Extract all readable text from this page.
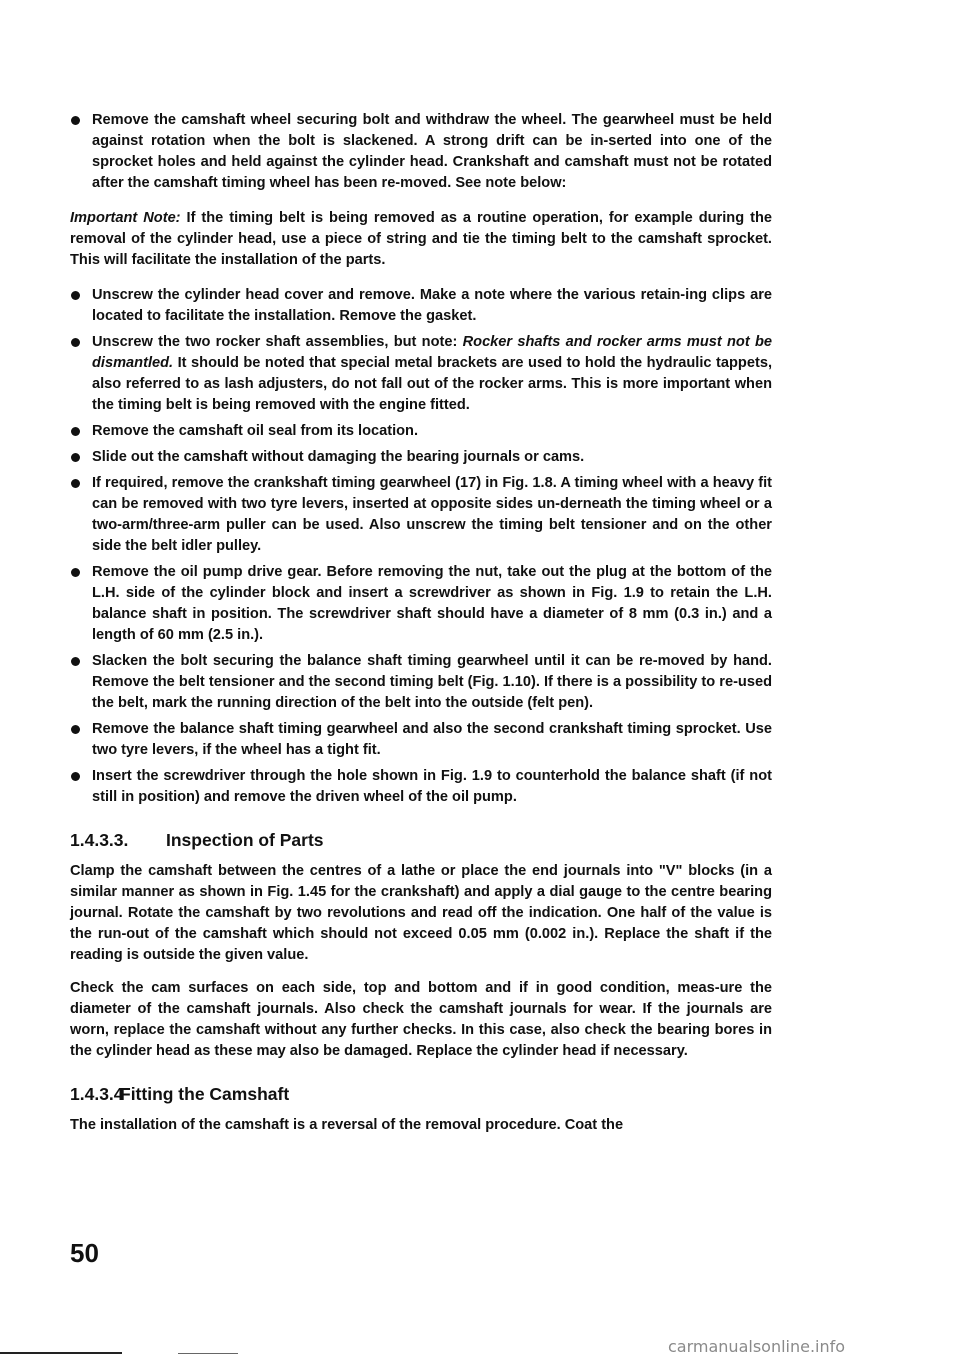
Remove the camshaft wheel securing bolt and withdraw the wheel. The gearwheel must be held against rotation when the bolt is slackened. A strong drift can be in-serted into one of the sprocket holes and held against the cylinder head. Crankshaft and camshaft must not be rotated after the camshaft timing wheel has been re-moved. See note below:

Important Note: If the timing belt is being removed as a routine operation, for example during the removal of the cylinder head, use a piece of string and tie the timing belt to the camshaft sprocket. This will facilitate the installation of the parts.

Unscrew the cylinder head cover and remove. Make a note where the various retain-ing clips are located to facilitate the installation. Remove the gasket.
Unscrew the two rocker shaft assemblies, but note: Rocker shafts and rocker arms must not be dismantled. It should be noted that special metal brackets are used to hold the hydraulic tappets, also referred to as lash adjusters, do not fall out of the rocker arms. This is more important when the timing belt is being removed with the engine fitted.
Remove the camshaft oil seal from its location.
Slide out the camshaft without damaging the bearing journals or cams.
If required, remove the crankshaft timing gearwheel (17) in Fig. 1.8. A timing wheel with a heavy fit can be removed with two tyre levers, inserted at opposite sides un-derneath the timing wheel or a two-arm/three-arm puller can be used. Also unscrew the timing belt tensioner and on the other side the belt idler pulley.
Remove the oil pump drive gear. Before removing the nut, take out the plug at the bottom of the L.H. side of the cylinder block and insert a screwdriver as shown in Fig. 1.9 to retain the L.H. balance shaft in position. The screwdriver shaft should have a diameter of 8 mm (0.3 in.) and a length of 60 mm (2.5 in.).
Slacken the bolt securing the balance shaft timing gearwheel until it can be re-moved by hand. Remove the belt tensioner and the second timing belt (Fig. 1.10). If there is a possibility to re-used the belt, mark the running direction of the belt into the outside (felt pen).
Remove the balance shaft timing gearwheel and also the second crankshaft timing sprocket. Use two tyre levers, if the wheel has a tight fit.
Insert the screwdriver through the hole shown in Fig. 1.9 to counterhold the balance shaft (if not still in position) and remove the driven wheel of the oil pump.
1.4.3.3.	Inspection of Parts

Clamp the camshaft between the centres of a lathe or place the end journals into "V" blocks (in a similar manner as shown in Fig. 1.45 for the crankshaft) and apply a dial gauge to the centre bearing journal. Rotate the camshaft by two revolutions and read off the indication. One half of the value is the run-out of the camshaft which should not exceed 0.05 mm (0.002 in.). Replace the shaft if the reading is outside the given value.

Check the cam surfaces on each side, top and bottom and if in good condition, meas-ure the diameter of the camshaft journals. Also check the camshaft journals for wear. If the journals are worn, replace the camshaft without any further checks. In this case, also check the bearing bores in the cylinder head as these may also be damaged. Replace the cylinder head if necessary.

1.4.3.4
Fitting the Camshaft

The installation of the camshaft is a reversal of the removal procedure. Coat the

50
carmanualsonline.info
